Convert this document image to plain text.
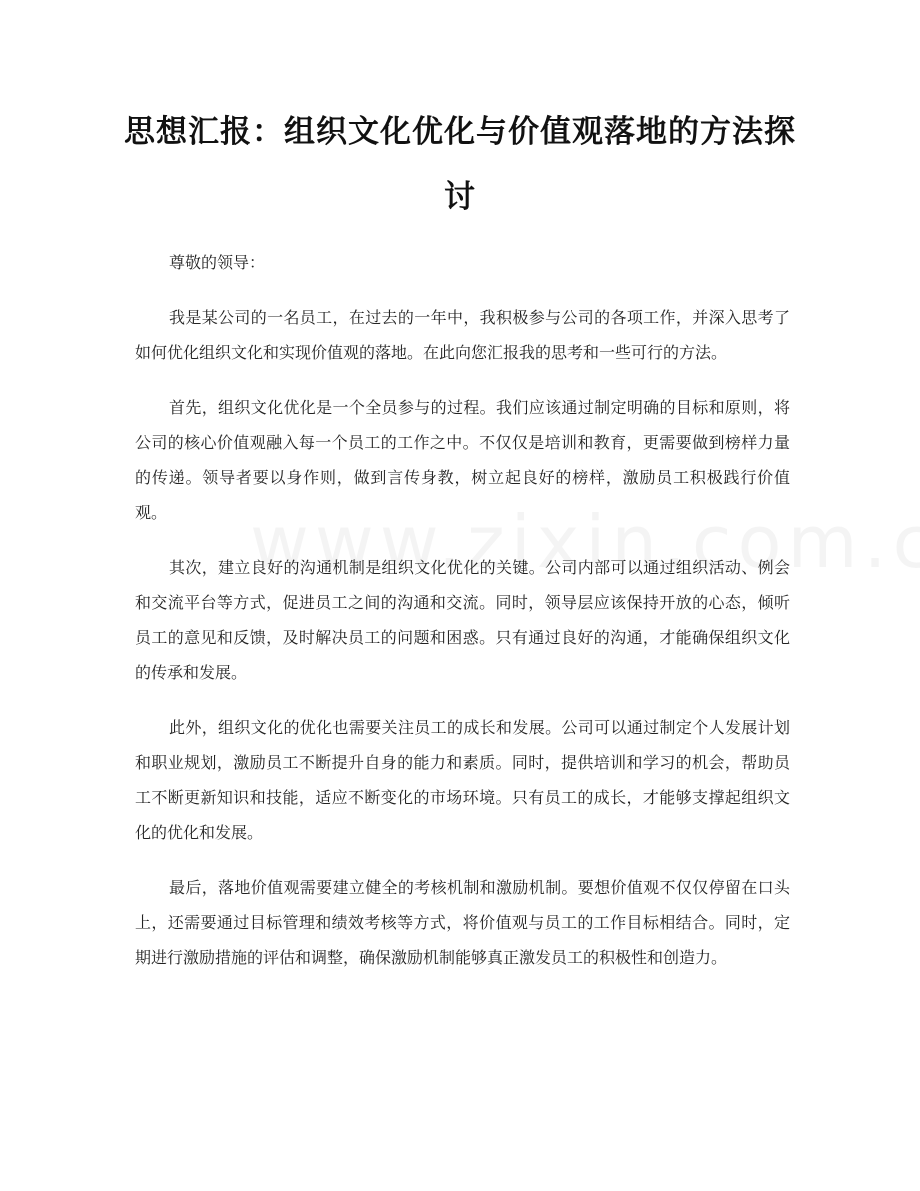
思想汇报：组织文化优化与价值观落地的方法探讨

尊敬的领导：

我是某公司的一名员工，在过去的一年中，我积极参与公司的各项工作，并深入思考了如何优化组织文化和实现价值观的落地。在此向您汇报我的思考和一些可行的方法。

首先，组织文化优化是一个全员参与的过程。我们应该通过制定明确的目标和原则，将公司的核心价值观融入每一个员工的工作之中。不仅仅是培训和教育，更需要做到榜样力量的传递。领导者要以身作则，做到言传身教，树立起良好的榜样，激励员工积极践行价值观。

其次，建立良好的沟通机制是组织文化优化的关键。公司内部可以通过组织活动、例会和交流平台等方式，促进员工之间的沟通和交流。同时，领导层应该保持开放的心态，倾听员工的意见和反馈，及时解决员工的问题和困惑。只有通过良好的沟通，才能确保组织文化的传承和发展。

此外，组织文化的优化也需要关注员工的成长和发展。公司可以通过制定个人发展计划和职业规划，激励员工不断提升自身的能力和素质。同时，提供培训和学习的机会，帮助员工不断更新知识和技能，适应不断变化的市场环境。只有员工的成长，才能够支撑起组织文化的优化和发展。

最后，落地价值观需要建立健全的考核机制和激励机制。要想价值观不仅仅停留在口头上，还需要通过目标管理和绩效考核等方式，将价值观与员工的工作目标相结合。同时，定期进行激励措施的评估和调整，确保激励机制能够真正激发员工的积极性和创造力。
